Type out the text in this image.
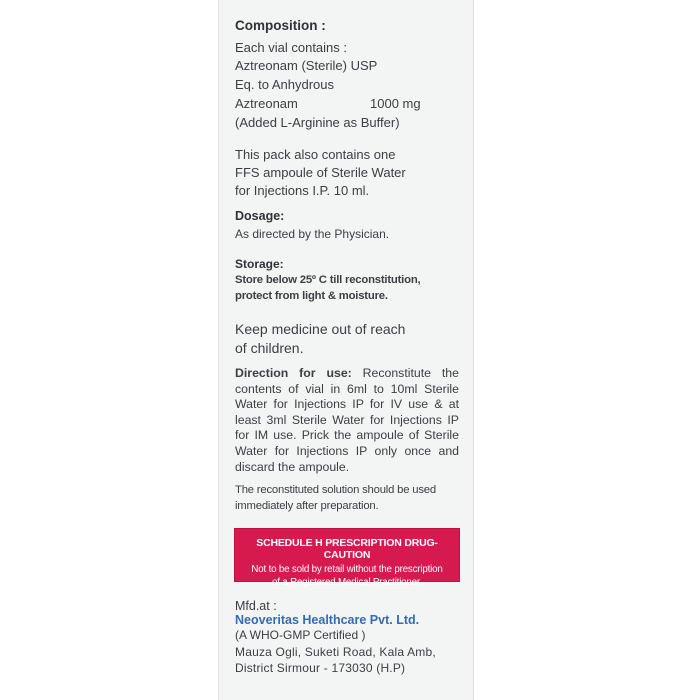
Composition :
Each vial contains :
Aztreonam (Sterile) USP
Eq. to Anhydrous
Aztreonam	1000 mg
(Added L-Arginine as Buffer)
This pack also contains one
FFS ampoule of Sterile Water
for Injections I.P. 10 ml.
Dosage:
As directed by the Physician.
Storage:
Store below 25º C till reconstitution,
protect from light & moisture.
Keep medicine out of reach
of children.
Direction for use: Reconstitute the contents of vial in 6ml to 10ml Sterile Water for Injections IP for IV use & at least 3ml Sterile Water for Injections IP for IM use. Prick the ampoule of Sterile Water for Injections IP only once and discard the ampoule.
The reconstituted solution should be used
immediately after preparation.
SCHEDULE H PRESCRIPTION DRUG- CAUTION
Not to be sold by retail without the prescription
of a Registered Medical Practitioner.
Mfd.at :
Neoveritas Healthcare Pvt. Ltd.
(A WHO-GMP Certified )
Mauza Ogli, Suketi Road, Kala Amb,
District Sirmour - 173030 (H.P)
